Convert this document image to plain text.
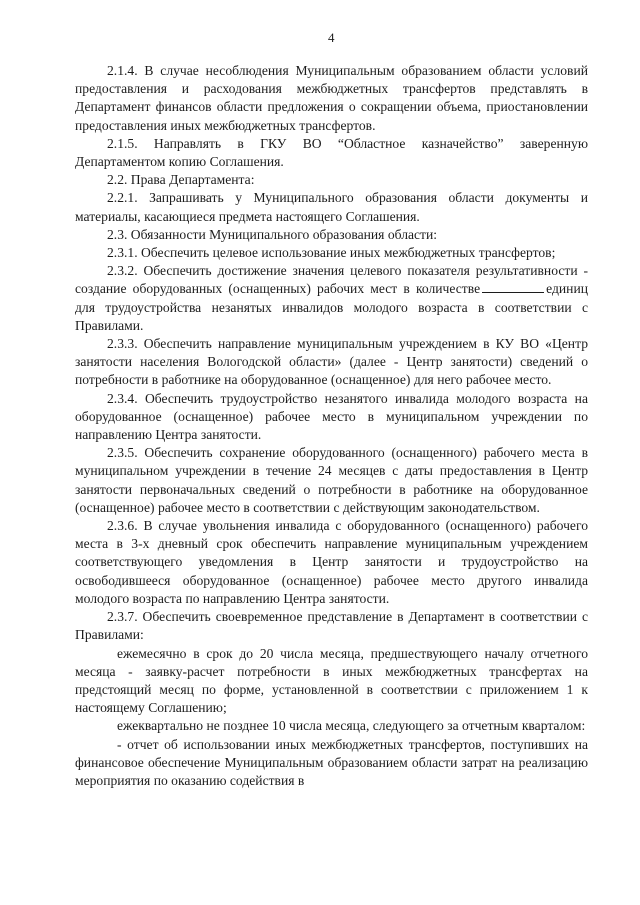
4

2.1.4. В случае несоблюдения Муниципальным образованием области условий предоставления и расходования межбюджетных трансфертов представлять в Департамент финансов области предложения о сокращении объема, приостановлении предоставления иных межбюджетных трансфертов.

2.1.5. Направлять в ГКУ ВО “Областное казначейство” заверенную Департаментом копию Соглашения.

2.2. Права Департамента:

2.2.1. Запрашивать у Муниципального образования области документы и материалы, касающиеся предмета настоящего Соглашения.

2.3. Обязанности Муниципального образования области:

2.3.1. Обеспечить целевое использование иных межбюджетных трансфертов;

2.3.2. Обеспечить достижение значения целевого показателя результативности - создание оборудованных (оснащенных) рабочих мест в количестве	единиц для трудоустройства незанятых инвалидов молодого возраста в соответствии с Правилами.

2.3.3. Обеспечить направление муниципальным учреждением в КУ ВО «Центр занятости населения Вологодской области» (далее - Центр занятости) сведений о потребности в работнике на оборудованное (оснащенное) для него рабочее место.

2.3.4. Обеспечить трудоустройство незанятого инвалида молодого возраста на оборудованное (оснащенное) рабочее место в муниципальном учреждении по направлению Центра занятости.

2.3.5. Обеспечить сохранение оборудованного (оснащенного) рабочего места в муниципальном учреждении в течение 24 месяцев с даты предоставления в Центр занятости первоначальных сведений о потребности в работнике на оборудованное (оснащенное) рабочее место в соответствии с действующим законодательством.

2.3.6. В случае увольнения инвалида с оборудованного (оснащенного) рабочего места в 3-х дневный срок обеспечить направление муниципальным учреждением соответствующего уведомления в Центр занятости и трудоустройство на освободившееся оборудованное (оснащенное) рабочее место другого инвалида молодого возраста по направлению Центра занятости.

2.3.7. Обеспечить своевременное представление в Департамент в соответствии с Правилами:

ежемесячно в срок до 20 числа месяца, предшествующего началу отчетного месяца - заявку-расчет потребности в иных межбюджетных трансфертах на предстоящий месяц по форме, установленной в соответствии с приложением 1 к настоящему Соглашению;

ежеквартально не позднее 10 числа месяца, следующего за отчетным кварталом:

- отчет об использовании иных межбюджетных трансфертов, поступивших на финансовое обеспечение Муниципальным образованием области затрат на реализацию мероприятия по оказанию содействия в
